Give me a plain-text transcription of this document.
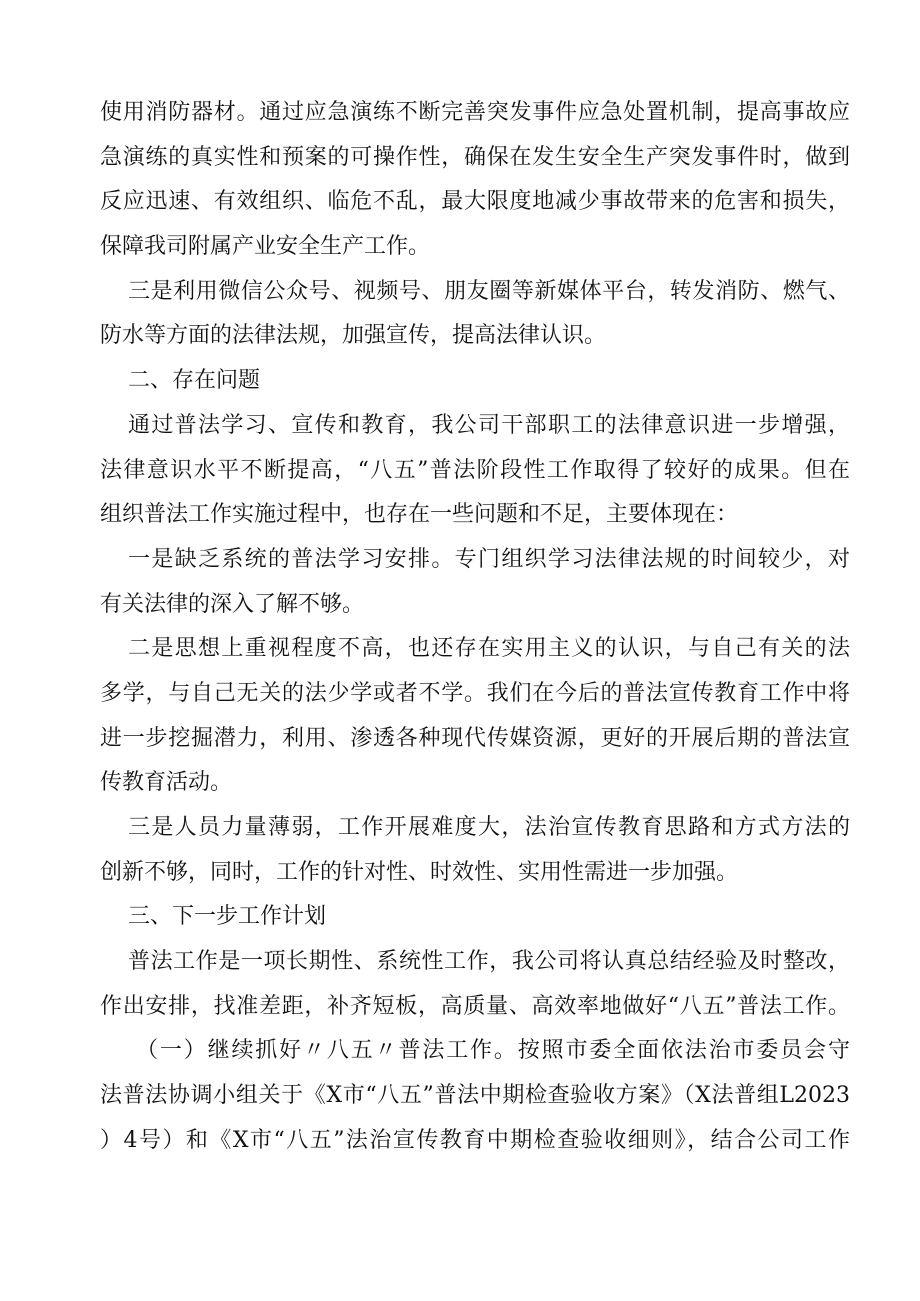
使用消防器材。通过应急演练不断完善突发事件应急处置机制，提高事故应
急演练的真实性和预案的可操作性，确保在发生安全生产突发事件时，做到
反应迅速、有效组织、临危不乱，最大限度地减少事故带来的危害和损失，
保障我司附属产业安全生产工作。
三是利用微信公众号、视频号、朋友圈等新媒体平台，转发消防、燃气、
防水等方面的法律法规，加强宣传，提高法律认识。
二、存在问题
通过普法学习、宣传和教育，我公司干部职工的法律意识进一步增强，
法律意识水平不断提高，“八五”普法阶段性工作取得了较好的成果。但在
组织普法工作实施过程中，也存在一些问题和不足，主要体现在：
一是缺乏系统的普法学习安排。专门组织学习法律法规的时间较少，对
有关法律的深入了解不够。
二是思想上重视程度不高，也还存在实用主义的认识，与自己有关的法
多学，与自己无关的法少学或者不学。我们在今后的普法宣传教育工作中将
进一步挖掘潜力，利用、渗透各种现代传媒资源，更好的开展后期的普法宣
传教育活动。
三是人员力量薄弱，工作开展难度大，法治宣传教育思路和方式方法的
创新不够，同时，工作的针对性、时效性、实用性需进一步加强。
三、下一步工作计划
普法工作是一项长期性、系统性工作，我公司将认真总结经验及时整改，
作出安排，找准差距，补齐短板，高质量、高效率地做好“八五”普法工作。
（一）继续抓好〃八五〃普法工作。按照市委全面依法治市委员会守
法普法协调小组关于《X市“八五”普法中期检查验收方案》（X法普组L2023
）4号）和《X市“八五”法治宣传教育中期检查验收细则》，结合公司工作
